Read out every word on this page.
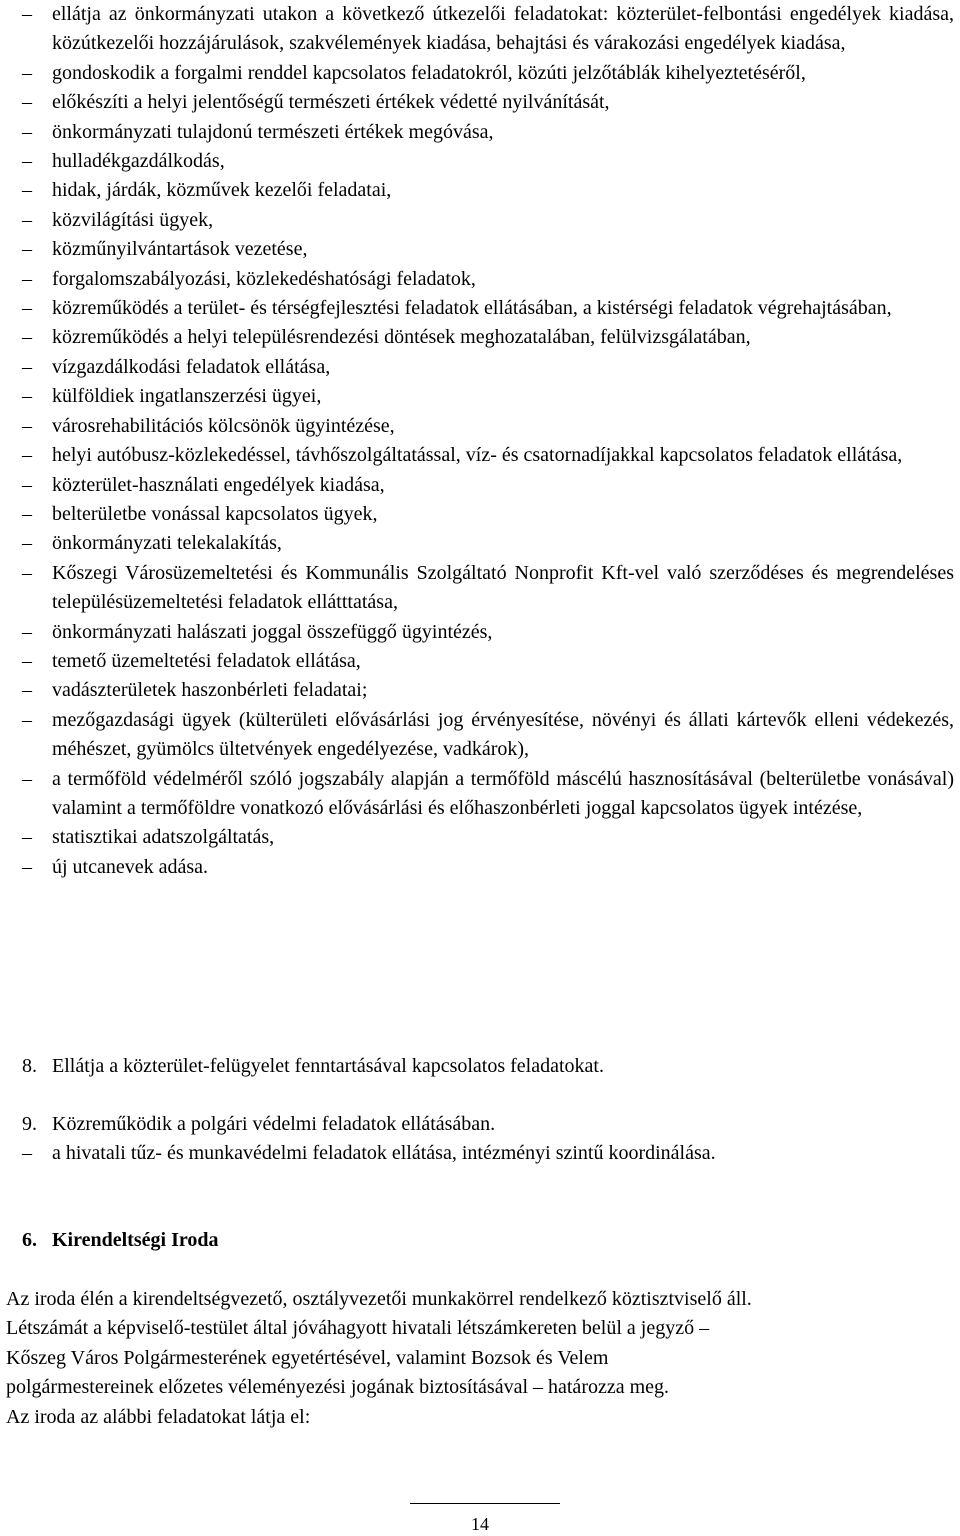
– ellátja az önkormányzati utakon a következő útkezelői feladatokat: közterület-felbontási engedélyek kiadása, közútkezelői hozzájárulások, szakvélemények kiadása, behajtási és várakozási engedélyek kiadása,
– gondoskodik a forgalmi renddel kapcsolatos feladatokról, közúti jelzőtáblák kihelyeztetéséről,
– előkészíti a helyi jelentőségű természeti értékek védetté nyilvánítását,
– önkormányzati tulajdonú természeti értékek megóvása,
– hulladékgazdálkodás,
– hidak, járdák, közművek kezelői feladatai,
– közvilágítási ügyek,
– közműnyilvántartások vezetése,
– forgalomszabályozási, közlekedéshatósági feladatok,
– közreműködés a terület- és térségfejlesztési feladatok ellátásában, a kistérségi feladatok végrehajtásában,
– közreműködés a helyi településrendezési döntések meghozatalában, felülvizsgálatában,
– vízgazdálkodási feladatok ellátása,
– külföldiek ingatlanszerzési ügyei,
– városrehabilitációs kölcsönök ügyintézése,
– helyi autóbusz-közlekedéssel, távhőszolgáltatással, víz- és csatornadíjakkal kapcsolatos feladatok ellátása,
– közterület-használati engedélyek kiadása,
– belterületbe vonással kapcsolatos ügyek,
– önkormányzati telekalakítás,
– Kőszegi Városüzemeltetési és Kommunális Szolgáltató Nonprofit Kft-vel való szerződéses és megrendeléses településüzemeltetési feladatok ellátttatása,
– önkormányzati halászati joggal összefüggő ügyintézés,
– temető üzemeltetési feladatok ellátása,
– vadászterületek haszonbérleti feladatai;
– mezőgazdasági ügyek (külterületi elővásárlási jog érvényesítése, növényi és állati kártevők elleni védekezés, méhészet, gyümölcs ültetvények engedélyezése, vadkárok),
– a termőföld védelméről szóló jogszabály alapján a termőföld máscélú hasznosításával (belterületbe vonásával) valamint a termőföldre vonatkozó elővásárlási és előhaszonbérleti joggal kapcsolatos ügyek intézése,
– statisztikai adatszolgáltatás,
– új utcanevek adása.
8. Ellátja a közterület-felügyelet fenntartásával kapcsolatos feladatokat.
9. Közreműködik a polgári védelmi feladatok ellátásában.
– a hivatali tűz- és munkavédelmi feladatok ellátása, intézményi szintű koordinálása.
6. Kirendeltségi Iroda
Az iroda élén a kirendeltségvezető, osztályvezetői munkakörrel rendelkező köztisztviselő áll.
Létszámát a képviselő-testület által jóváhagyott hivatali létszámkereten belül a jegyző –
Kőszeg Város Polgármesterének egyetértésével, valamint Bozsok és Velem
polgármestereinek előzetes véleményezési jogának biztosításával – határozza meg.
Az iroda az alábbi feladatokat látja el:
14
